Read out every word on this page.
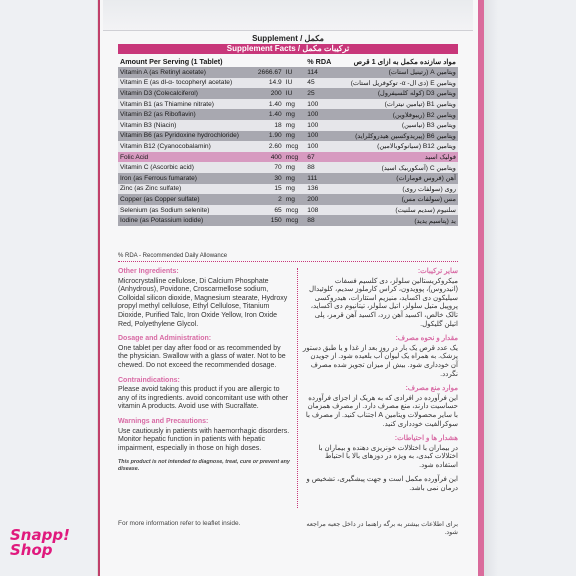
Supplement / مکمل
Supplement Facts / ترکیبات مکمل
Amount Per Serving (1 Tablet)			% RDA	مواد سازنده مکمل به ازای 1 قرص
Vitamin A (as Retinyl acetate)	2666.67	IU	114	ویتامین A (رتینیل استات)
Vitamin E (as dl-α- tocopheryl acetate)	14.9	IU	45	ویتامین E (دی ال- α- توکوفریل استات)
Vitamin D3 (Colecalciferol)	200	IU	25	ویتامین D3 (کوله کلسیفرول)
Vitamin B1 (as Thiamine nitrate)	1.40	mg	100	ویتامین B1 (تیامین نیترات)
Vitamin B2 (as Riboflavin)	1.40	mg	100	ویتامین B2 (ریبوفلاوین)
Vitamin B3 (Niacin)	18	mg	100	ویتامین B3 (نیاسین)
Vitamin B6 (as Pyridoxine hydrochloride)	1.90	mg	100	ویتامین B6 (پیریدوکسین هیدروکلراید)
Vitamin B12 (Cyanocobalamin)	2.60	mcg	100	ویتامین B12 (سیانوکوبالامین)
Folic Acid	400	mcg	67	فولیک اسید
Vitamin C (Ascorbic acid)	70	mg	88	ویتامین C (آسکوربیک اسید)
Iron (as Ferrous fumarate)	30	mg	111	آهن (فروس فومارات)
Zinc (as Zinc sulfate)	15	mg	136	روی (سولفات روی)
Copper (as Copper sulfate)	2	mg	200	مس (سولفات مس)
Selenium (as Sodium selenite)	65	mcg	108	سلنیوم (سدیم سلنیت)
Iodine (as Potassium iodide)	150	mcg	88	ید (پتاسیم یدید)
% RDA - Recommended Daily Allowance
Other Ingredients:
Microcrystalline cellulose, Di Calcium Phosphate (Anhydrous), Povidone, Croscarmellose sodium, Colloidal silicon dioxide, Magnesium stearate, Hydroxy propyl methyl cellulose, Ethyl Cellulose, Titanium Dioxide, Purified Talc, Iron Oxide Yellow, Iron Oxide Red, Polyethylene Glycol.
Dosage and Administration:
One tablet per day after food or as recommended by the physician. Swallow with a glass of water. Not to be chewed. Do not exceed the recommended dosage.
Contraindications:
Please avoid taking this product if you are allergic to any of its ingredients. avoid concomitant use with other vitamin A products. Avoid use with Sucralfate.
Warnings and Precautions:
Use cautiously in patients with haemorrhagic disorders. Monitor hepatic function in patients with hepatic impairment, especially in those on high doses.
This product is not intended to diagnose, treat, cure or prevent any disease.
سایر ترکیبات:
میکروکریستالین سلولز، دی کلسیم فسفات (انیدروس)، پوویدون، کراس کارملوز سدیم، کلوئیدال سیلیکون دی اکساید، منیزیم استئارات، هیدروکسی پروپیل متیل سلولز، اتیل سلولز، تیتانیوم دی اکساید، تالک خالص، اکسید آهن زرد، اکسید آهن قرمز، پلی اتیلن گلیکول.
مقدار و نحوه مصرف:
یک عدد قرص یک بار در روز بعد از غذا و یا طبق دستور پزشک. به همراه یک لیوان آب بلعیده شود. از جویدن آن خودداری شود. بیش از میزان تجویز شده مصرف نگردد.
موارد منع مصرف:
این فرآورده در افرادی که به هریک از اجزای فرآورده حساسیت دارند، منع مصرف دارد. از مصرف همزمان با سایر محصولات ویتامین A اجتناب کنید. از مصرف با سوکرالفیت خودداری کنید.
هشدار ها و احتیاطات:
در بیماران با اختلالات خونریزی دهنده و بیماران با اختلالات کبدی، به ویژه در دوزهای بالا با احتیاط استفاده شود.
این فرآورده مکمل است و جهت پیشگیری، تشخیص و درمان نمی باشد.
For more information refer to leaflet inside.	برای اطلاعات بیشتر به برگه راهنما در داخل جعبه مراجعه شود.
Snapp!
Shop
